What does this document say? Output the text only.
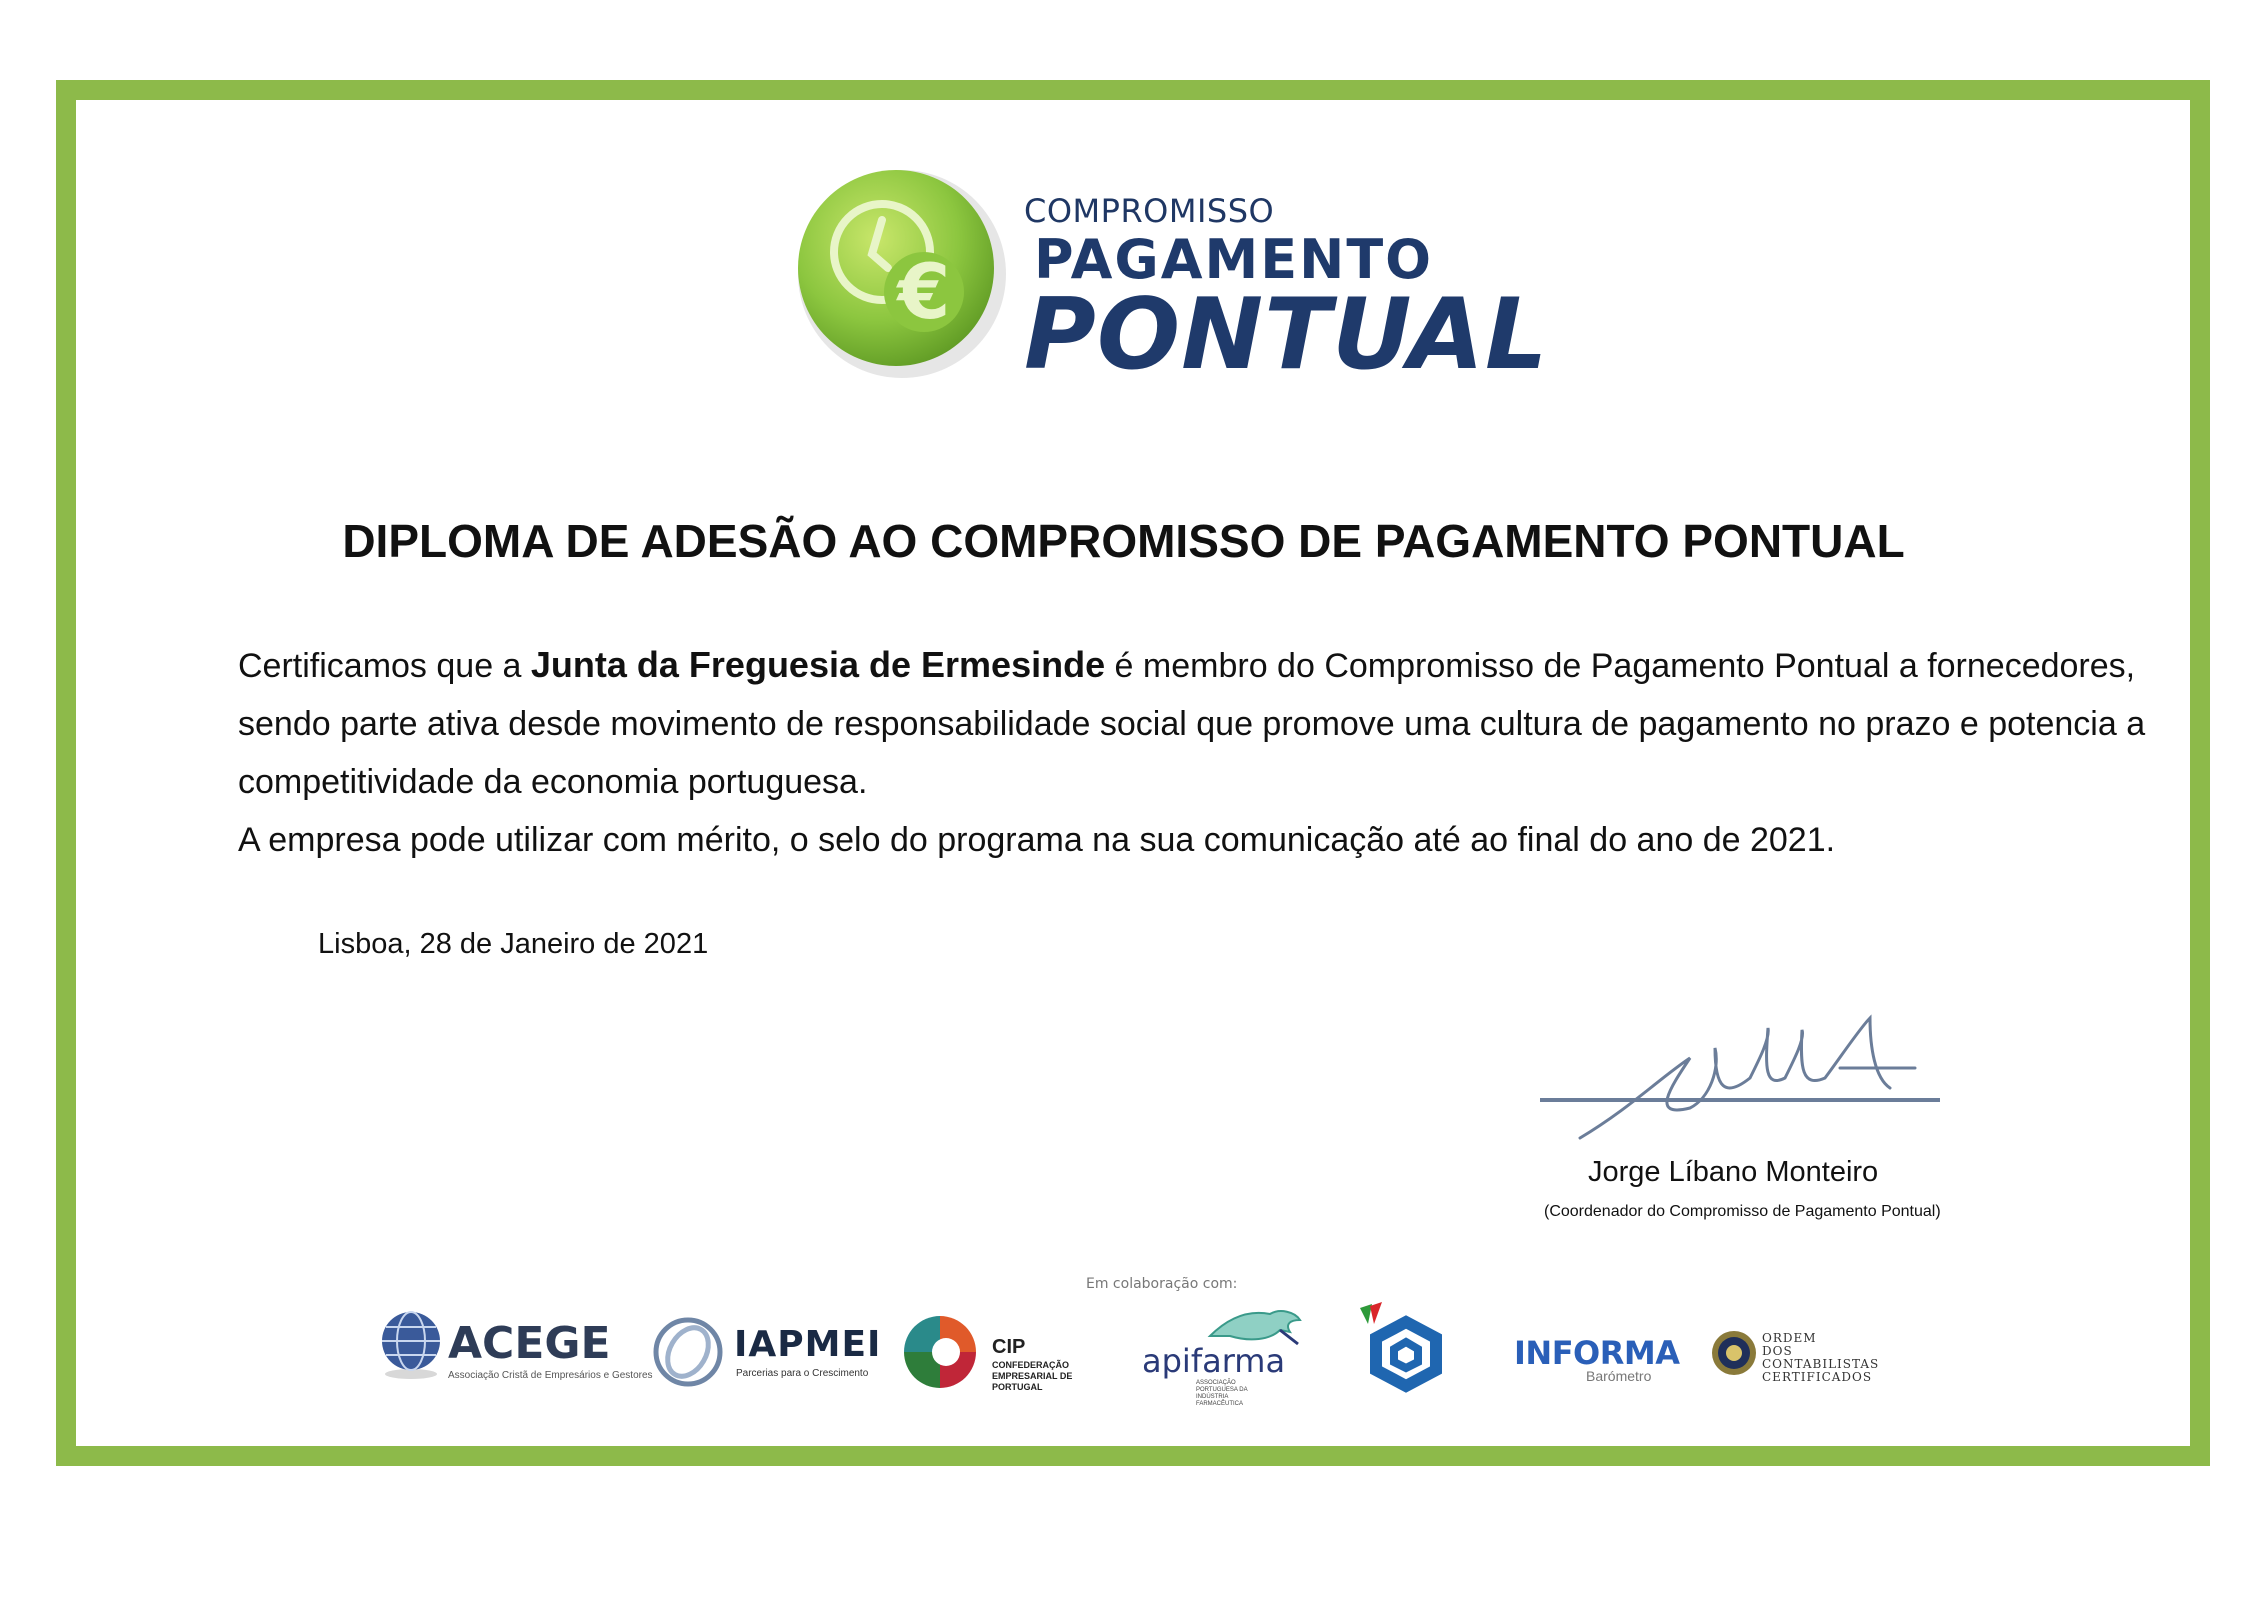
€
COMPROMISSO
PAGAMENTO
PONTUAL
DIPLOMA DE ADESÃO AO COMPROMISSO DE PAGAMENTO PONTUAL
Certificamos que a Junta da Freguesia de Ermesinde é membro do Compromisso de Pagamento Pontual a fornecedores, sendo parte ativa desde movimento de responsabilidade social que promove uma cultura de pagamento no prazo e potencia a competitividade da economia portuguesa.
A empresa pode utilizar com mérito, o selo do programa na sua comunicação até ao final do ano de 2021.
Lisboa, 28 de Janeiro de 2021
Jorge Líbano Monteiro
(Coordenador do Compromisso de Pagamento Pontual)
Em colaboração com:
ACEGE
Associação Cristã de Empresários e Gestores
IAPMEI
Parcerias para o Crescimento
CIP
CONFEDERAÇÃO EMPRESARIAL DE PORTUGAL
apifarma
ASSOCIAÇÃO PORTUGUESA DA INDÚSTRIA FARMACÊUTICA
INFORMA
Barómetro
ORDEM
DOS CONTABILISTAS
CERTIFICADOS
